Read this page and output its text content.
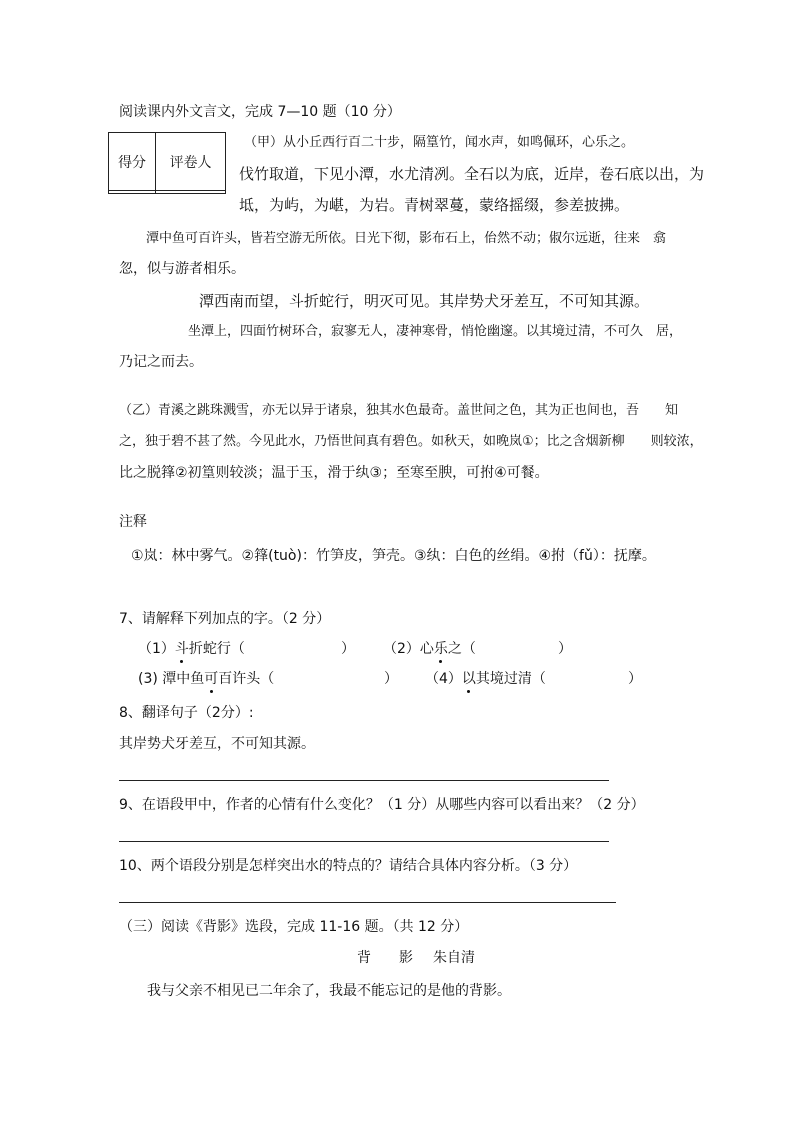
阅读课内外文言文，完成 7—10 题（10 分）
得分	评卷人

（甲）从小丘西行百二十步，隔篁竹，闻水声，如鸣佩环，心乐之。
伐竹取道，下见小潭，水尤清冽。全石以为底，近岸，卷石底以出，为
坻，为屿，为嵁，为岩。青树翠蔓，蒙络摇缀，参差披拂。
潭中鱼可百许头，皆若空游无所依。日光下彻，影布石上，佁然不动；俶尔远逝，往来　翕
忽，似与游者相乐。
潭西南而望，斗折蛇行，明灭可见。其岸势犬牙差互，不可知其源。
坐潭上，四面竹树环合，寂寥无人，凄神寒骨，悄怆幽邃。以其境过清，不可久　居，
乃记之而去。
（乙）青溪之跳珠溅雪，亦无以异于诸泉，独其水色最奇。盖世间之色，其为正也间也，吾　　知
之，独于碧不甚了然。今见此水，乃悟世间真有碧色。如秋天，如晚岚①；比之含烟新柳　　则较浓，
比之脱箨②初篁则较淡；温于玉，滑于纨③；至寒至腴，可拊④可餐。
注释
①岚：林中雾气。②箨(tuò)：竹笋皮，笋壳。③纨：白色的丝绢。④拊（fǔ）：抚摩。
7、请解释下列加点的字。（2 分）
（1）斗折蛇行（	） （2）心乐之（	）
(3) 潭中鱼可百许头（	） （4）以其境过清（	）
8、翻译句子（2分）:
其岸势犬牙差互，不可知其源。
9、在语段甲中，作者的心情有什么变化？（1 分）从哪些内容可以看出来？（2 分）
10、两个语段分别是怎样突出水的特点的？请结合具体内容分析。（3 分）
（三）阅读《背影》选段，完成 11-16 题。（共 12 分）
背　　影 朱自清
我与父亲不相见已二年余了，我最不能忘记的是他的背影。
